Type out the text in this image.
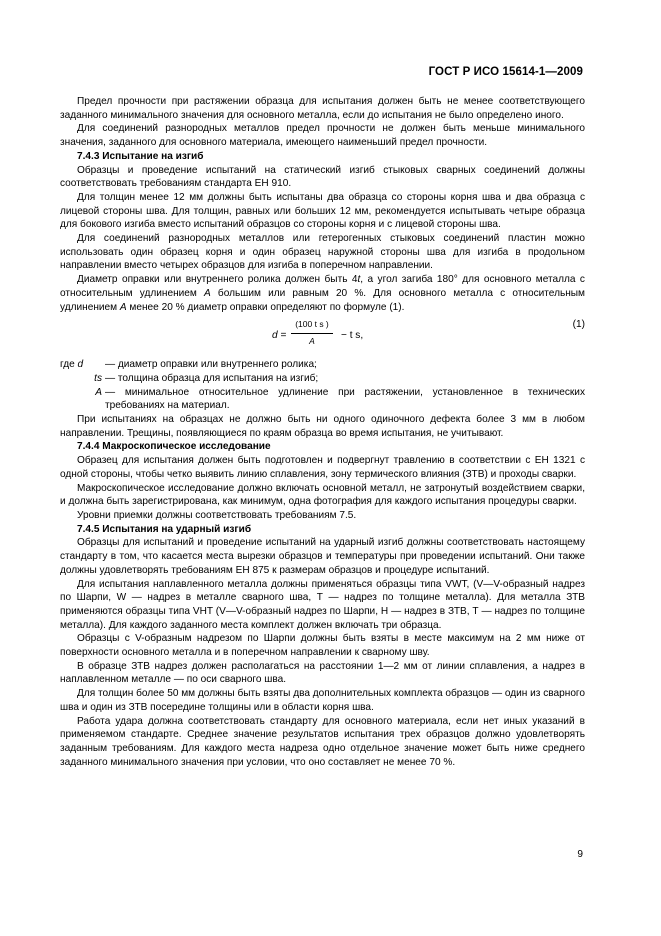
ГОСТ Р ИСО 15614-1—2009

Предел прочности при растяжении образца для испытания должен быть не менее соответствующего заданного минимального значения для основного металла, если до испытания не было определено иного.

Для соединений разнородных металлов предел прочности не должен быть меньше минимального значения, заданного для основного материала, имеющего наименьший предел прочности.

7.4.3 Испытание на изгиб

Образцы и проведение испытаний на статический изгиб стыковых сварных соединений должны соответствовать требованиям стандарта ЕН 910.

Для толщин менее 12 мм должны быть испытаны два образца со стороны корня шва и два образца с лицевой стороны шва. Для толщин, равных или больших 12 мм, рекомендуется испытывать четыре образца для бокового изгиба вместо испытаний образцов со стороны корня и с лицевой стороны шва.

Для соединений разнородных металлов или гетерогенных стыковых соединений пластин можно использовать один образец корня и один образец наружной стороны шва для изгиба в продольном направлении вместо четырех образцов для изгиба в поперечном направлении.

Диаметр оправки или внутреннего ролика должен быть 4t, а угол загиба 180° для основного металла с относительным удлинением A большим или равным 20 %. Для основного металла с относительным удлинением A менее 20 % диаметр оправки определяют по формуле (1).

$d = \frac{\text{(100 t s )}}{A} - t$ s,
(1)
где d	— диаметр оправки или внутреннего ролика;
ts — толщина образца для испытания на изгиб;
A — минимальное относительное удлинение при растяжении, установленное в технических требованиях на материал.

При испытаниях на образцах не должно быть ни одного одиночного дефекта более 3 мм в любом направлении. Трещины, появляющиеся по краям образца во время испытания, не учитывают.

7.4.4 Макроскопическое исследование

Образец для испытания должен быть подготовлен и подвергнут травлению в соответствии с ЕН 1321 с одной стороны, чтобы четко выявить линию сплавления, зону термического влияния (ЗТВ) и проходы сварки.

Макроскопическое исследование должно включать основной металл, не затронутый воздействием сварки, и должна быть зарегистрирована, как минимум, одна фотография для каждого испытания процедуры сварки.

Уровни приемки должны соответствовать требованиям 7.5.

7.4.5 Испытания на ударный изгиб

Образцы для испытаний и проведение испытаний на ударный изгиб должны соответствовать настоящему стандарту в том, что касается места вырезки образцов и температуры при проведении испытаний. Они также должны удовлетворять требованиям ЕН 875 к размерам образцов и процедуре испытаний.

Для испытания наплавленного металла должны применяться образцы типа VWT, (V—V-образный надрез по Шарпи, W — надрез в металле сварного шва, Т — надрез по толщине металла). Для металла ЗТВ применяются образцы типа VHT (V—V-образный надрез по Шарпи, Н — надрез в ЗТВ, Т — надрез по толщине металла). Для каждого заданного места комплект должен включать три образца.

Образцы с V-образным надрезом по Шарпи должны быть взяты в месте максимум на 2 мм ниже от поверхности основного металла и в поперечном направлении к сварному шву.

В образце ЗТВ надрез должен располагаться на расстоянии 1—2 мм от линии сплавления, а надрез в наплавленном металле — по оси сварного шва.

Для толщин более 50 мм должны быть взяты два дополнительных комплекта образцов — один из сварного шва и один из ЗТВ посередине толщины или в области корня шва.

Работа удара должна соответствовать стандарту для основного материала, если нет иных указаний в применяемом стандарте. Среднее значение результатов испытания трех образцов должно удовлетворять заданным требованиям. Для каждого места надреза одно отдельное значение может быть ниже среднего заданного минимального значения при условии, что оно составляет не менее 70 %.

9
